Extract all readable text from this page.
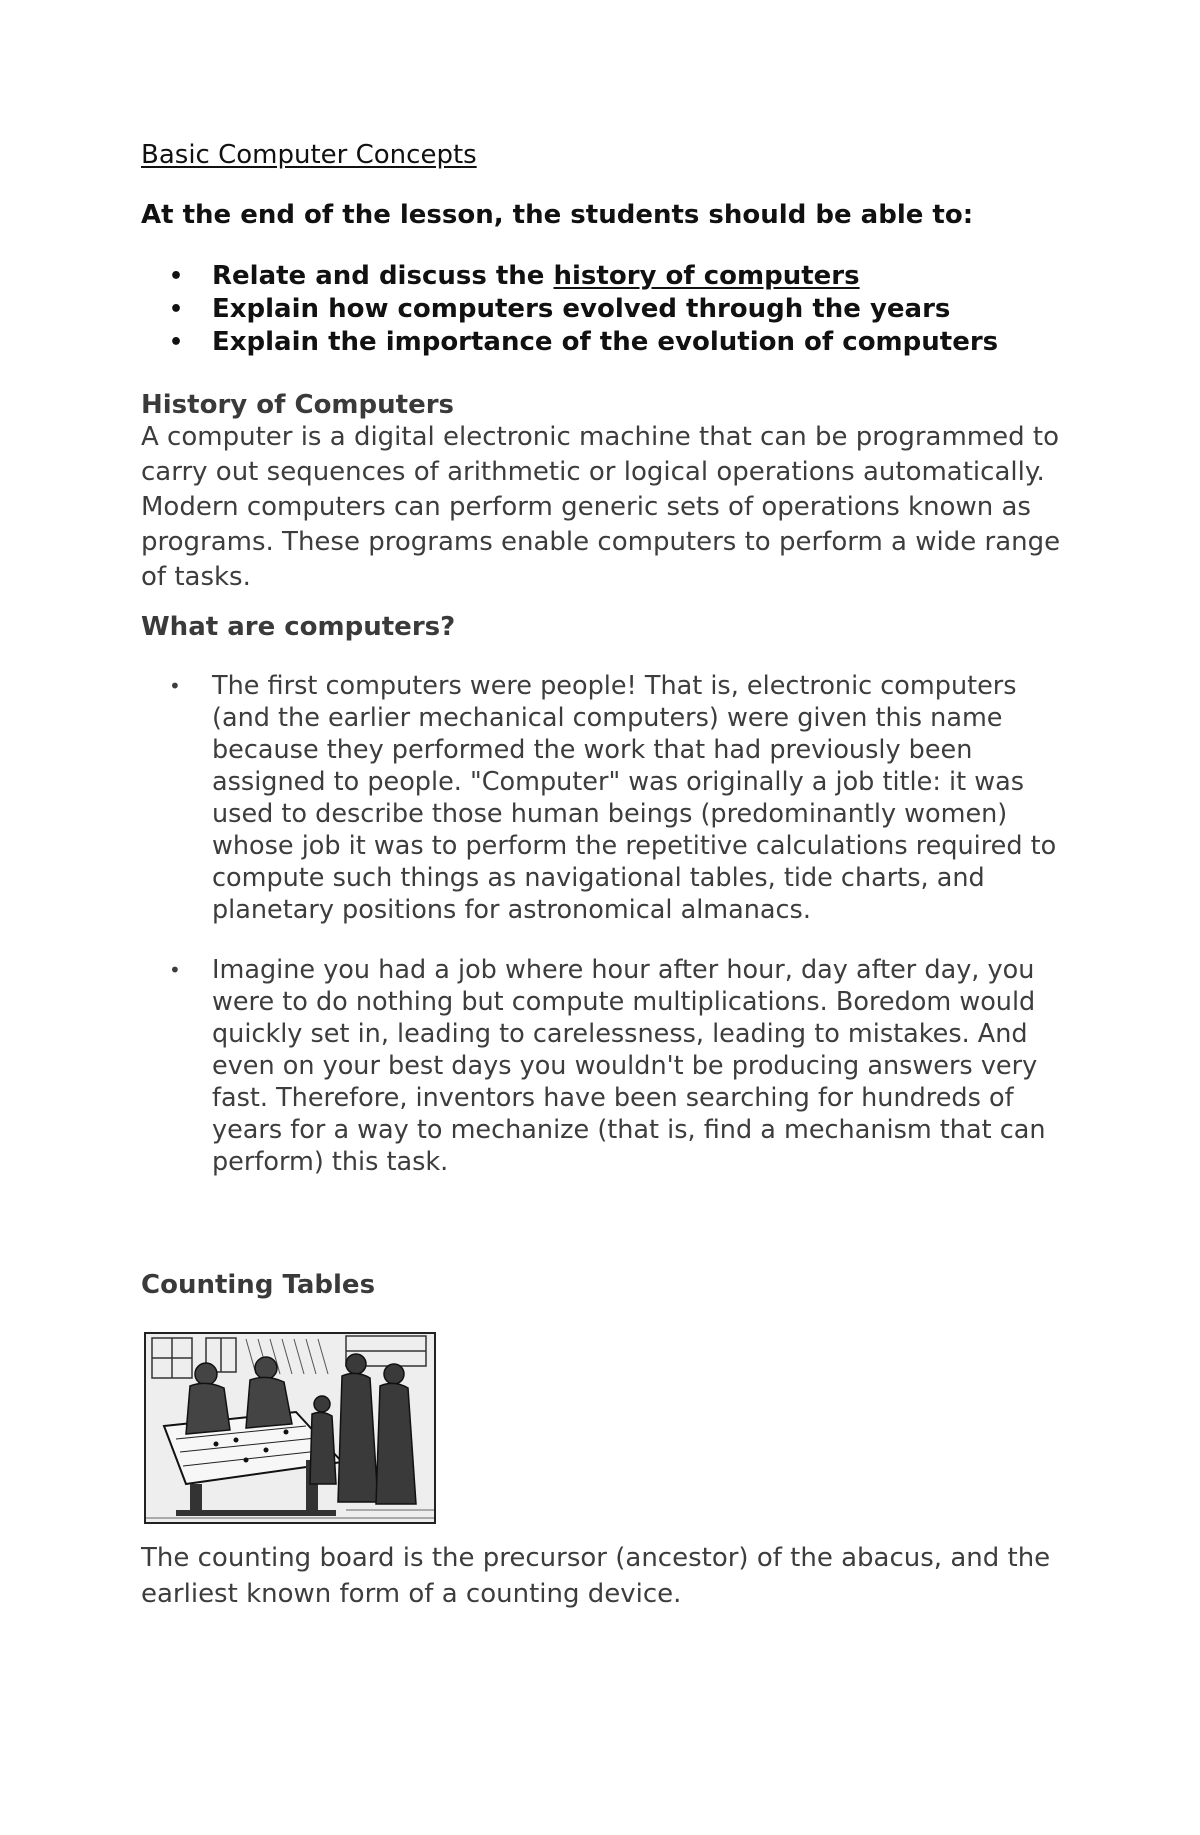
Basic Computer Concepts
At the end of the lesson, the students should be able to:
• Relate and discuss the history of computers
• Explain how computers evolved through the years
• Explain the importance of the evolution of computers
History of Computers
A computer is a digital electronic machine that can be programmed to carry out sequences of arithmetic or logical operations automatically. Modern computers can perform generic sets of operations known as programs. These programs enable computers to perform a wide range of tasks.
What are computers?
• The first computers were people! That is, electronic computers (and the earlier mechanical computers) were given this name because they performed the work that had previously been assigned to people. "Computer" was originally a job title: it was used to describe those human beings (predominantly women) whose job it was to perform the repetitive calculations required to compute such things as navigational tables, tide charts, and planetary positions for astronomical almanacs.
• Imagine you had a job where hour after hour, day after day, you were to do nothing but compute multiplications. Boredom would quickly set in, leading to carelessness, leading to mistakes. And even on your best days you wouldn't be producing answers very fast. Therefore, inventors have been searching for hundreds of years for a way to mechanize (that is, find a mechanism that can perform) this task.
Counting Tables
The counting board is the precursor (ancestor) of the abacus, and the earliest known form of a counting device.
